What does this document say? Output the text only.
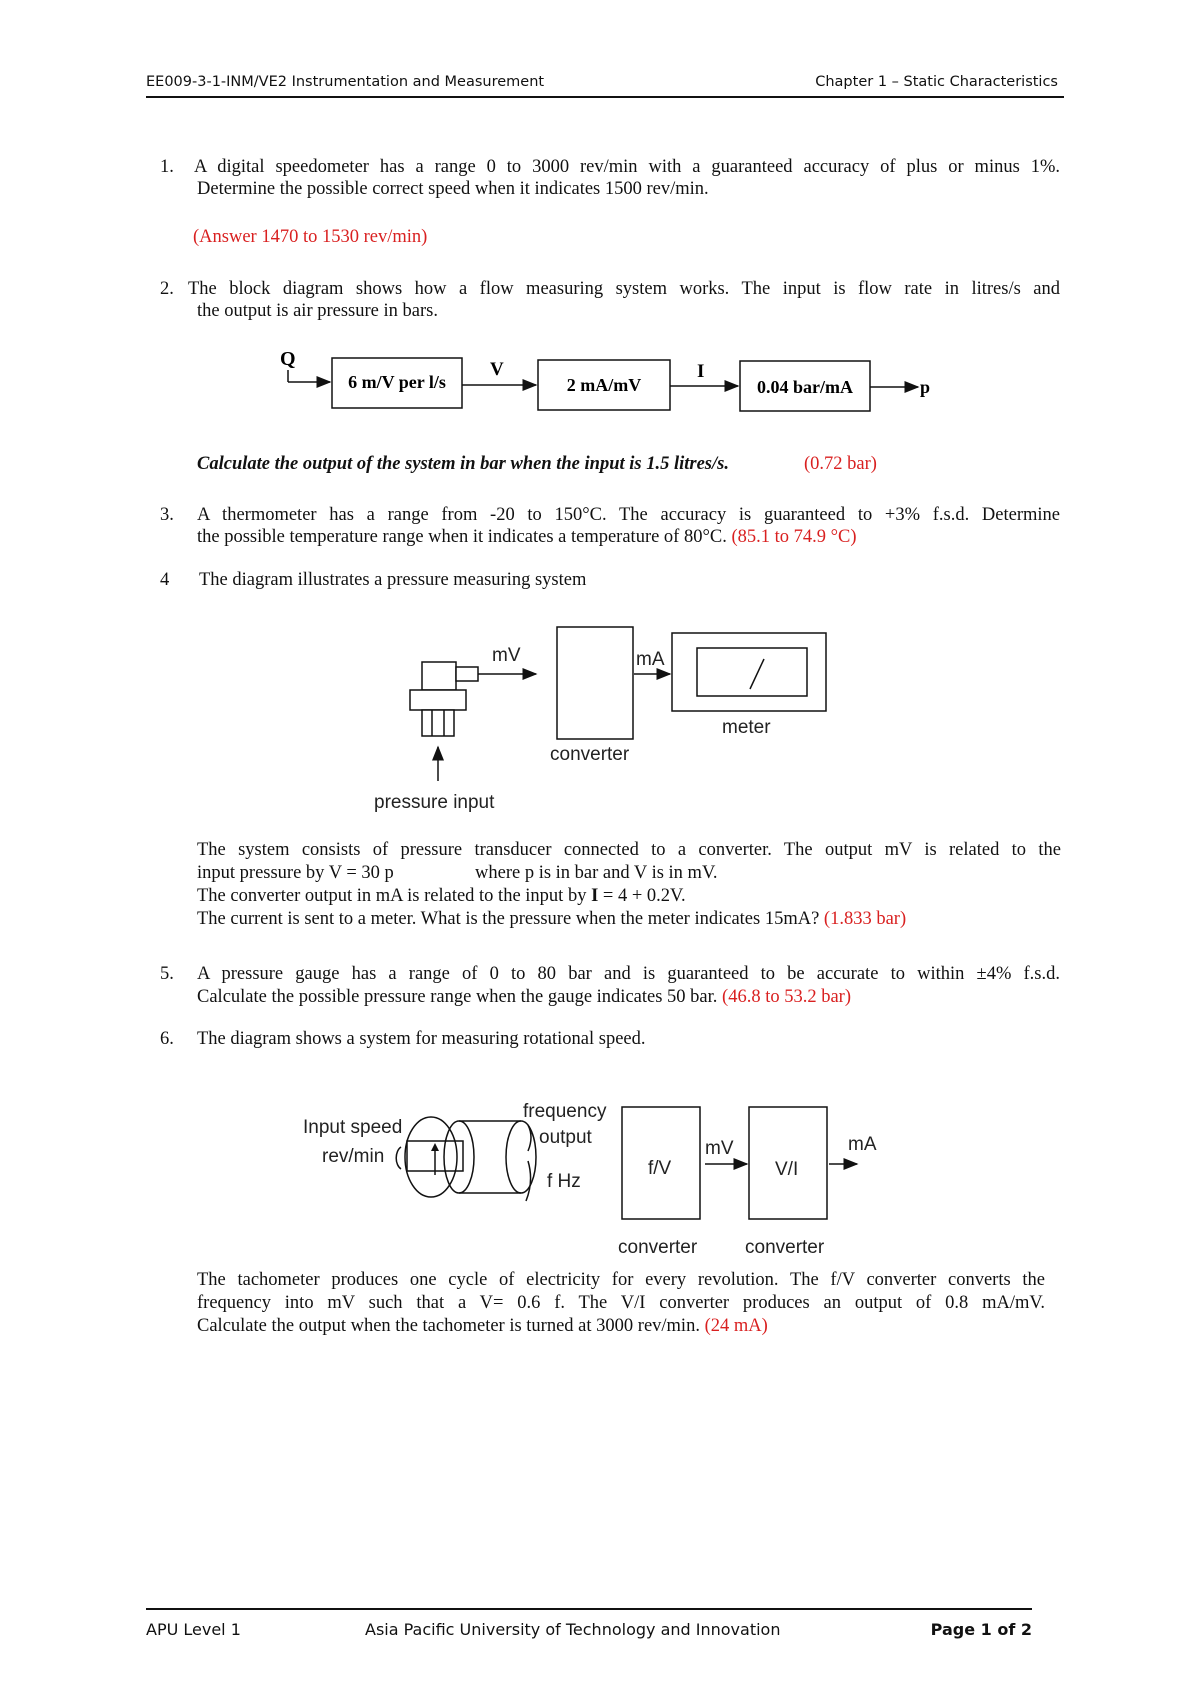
EE009-3-1-INM/VE2 Instrumentation and Measurement	Chapter 1 – Static Characteristics
1. A digital speedometer has a range 0 to 3000 rev/min with a guaranteed accuracy of plus or minus 1%.
Determine the possible correct speed when it indicates 1500 rev/min.
(Answer 1470 to 1530 rev/min)
2. The block diagram shows how a flow measuring system works. The input is flow rate in litres/s and
the output is air pressure in bars.
Q
6 m/V per l/s
V
2 mA/mV
I
0.04 bar/mA	p
Calculate the output of the system in bar when the input is 1.5 litres/s.	(0.72 bar)
3. A thermometer has a range from -20 to 150°C. The accuracy is guaranteed to +3% f.s.d. Determine
the possible temperature range when it indicates a temperature of 80°C. (85.1 to 74.9 °C)
4 The diagram illustrates a pressure measuring system
pressure input
mV
converter
mA
meter
The system consists of pressure transducer connected to a converter. The output mV is related to the
input pressure by V = 30 p	where p is in bar and V is in mV.
The converter output in mA is related to the input by I = 4 + 0.2V.
The current is sent to a meter. What is the pressure when the meter indicates 15mA? (1.833 bar)
5. A pressure gauge has a range of 0 to 80 bar and is guaranteed to be accurate to within ±4% f.s.d.
Calculate the possible pressure range when the gauge indicates 50 bar. (46.8 to 53.2 bar)
6. The diagram shows a system for measuring rotational speed.
Input speed
rev/min
frequency
output
f Hz
f/V
mV
V/I
mA
converter	converter
The tachometer produces one cycle of electricity for every revolution. The f/V converter converts the
frequency into mV such that a V= 0.6 f. The V/I converter produces an output of 0.8 mA/mV.
Calculate the output when the tachometer is turned at 3000 rev/min. (24 mA)
APU Level 1	Asia Pacific University of Technology and Innovation	Page 1 of 2
